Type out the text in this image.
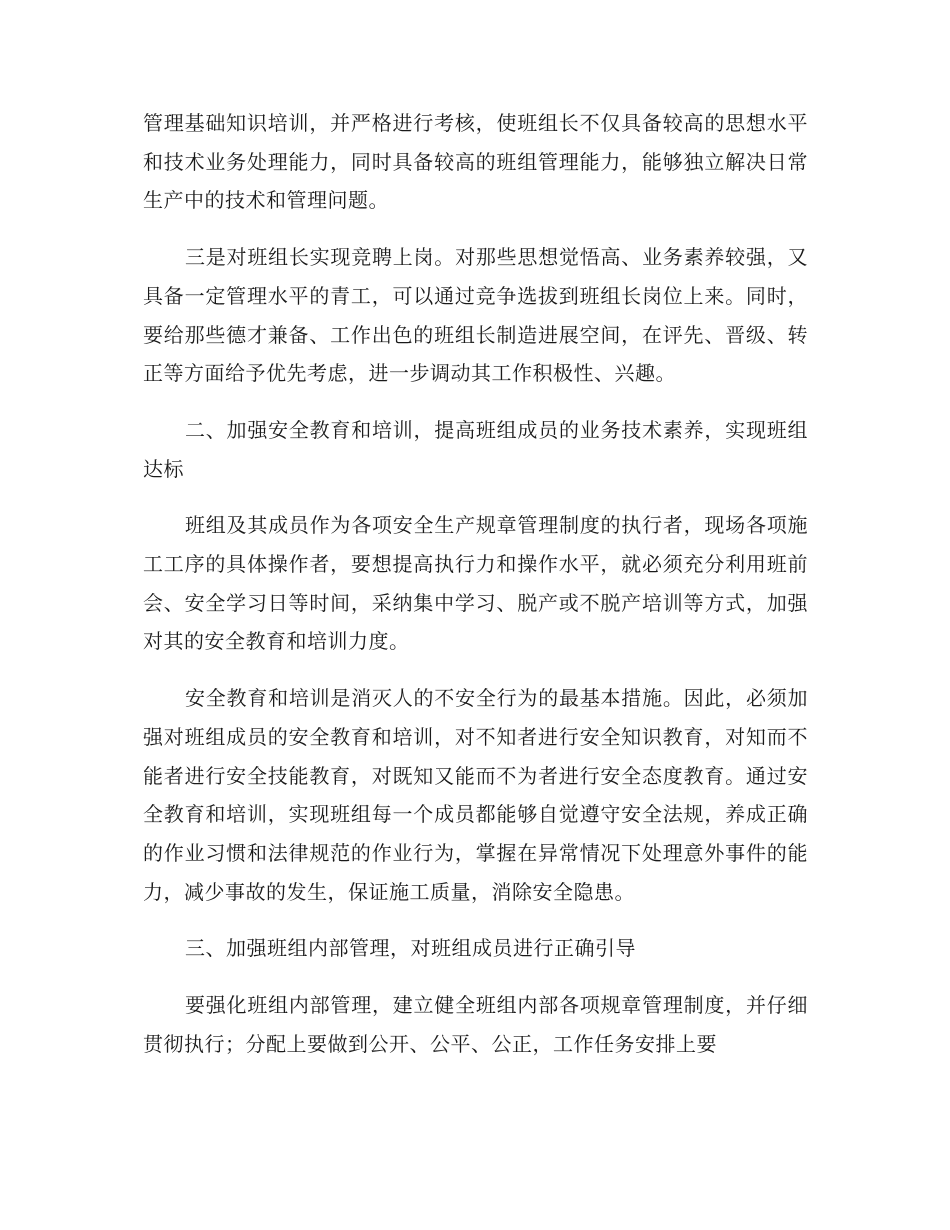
管理基础知识培训，并严格进行考核，使班组长不仅具备较高的思想水平和技术业务处理能力，同时具备较高的班组管理能力，能够独立解决日常生产中的技术和管理问题。

三是对班组长实现竞聘上岗。对那些思想觉悟高、业务素养较强，又具备一定管理水平的青工，可以通过竞争选拔到班组长岗位上来。同时，要给那些德才兼备、工作出色的班组长制造进展空间，在评先、晋级、转正等方面给予优先考虑，进一步调动其工作积极性、兴趣。

二、加强安全教育和培训，提高班组成员的业务技术素养，实现班组达标

班组及其成员作为各项安全生产规章管理制度的执行者，现场各项施工工序的具体操作者，要想提高执行力和操作水平，就必须充分利用班前会、安全学习日等时间，采纳集中学习、脱产或不脱产培训等方式，加强对其的安全教育和培训力度。

安全教育和培训是消灭人的不安全行为的最基本措施。因此，必须加强对班组成员的安全教育和培训，对不知者进行安全知识教育，对知而不能者进行安全技能教育，对既知又能而不为者进行安全态度教育。通过安全教育和培训，实现班组每一个成员都能够自觉遵守安全法规，养成正确的作业习惯和法律规范的作业行为，掌握在异常情况下处理意外事件的能力，减少事故的发生，保证施工质量，消除安全隐患。

三、加强班组内部管理，对班组成员进行正确引导

要强化班组内部管理，建立健全班组内部各项规章管理制度，并仔细贯彻执行；分配上要做到公开、公平、公正，工作任务安排上要
